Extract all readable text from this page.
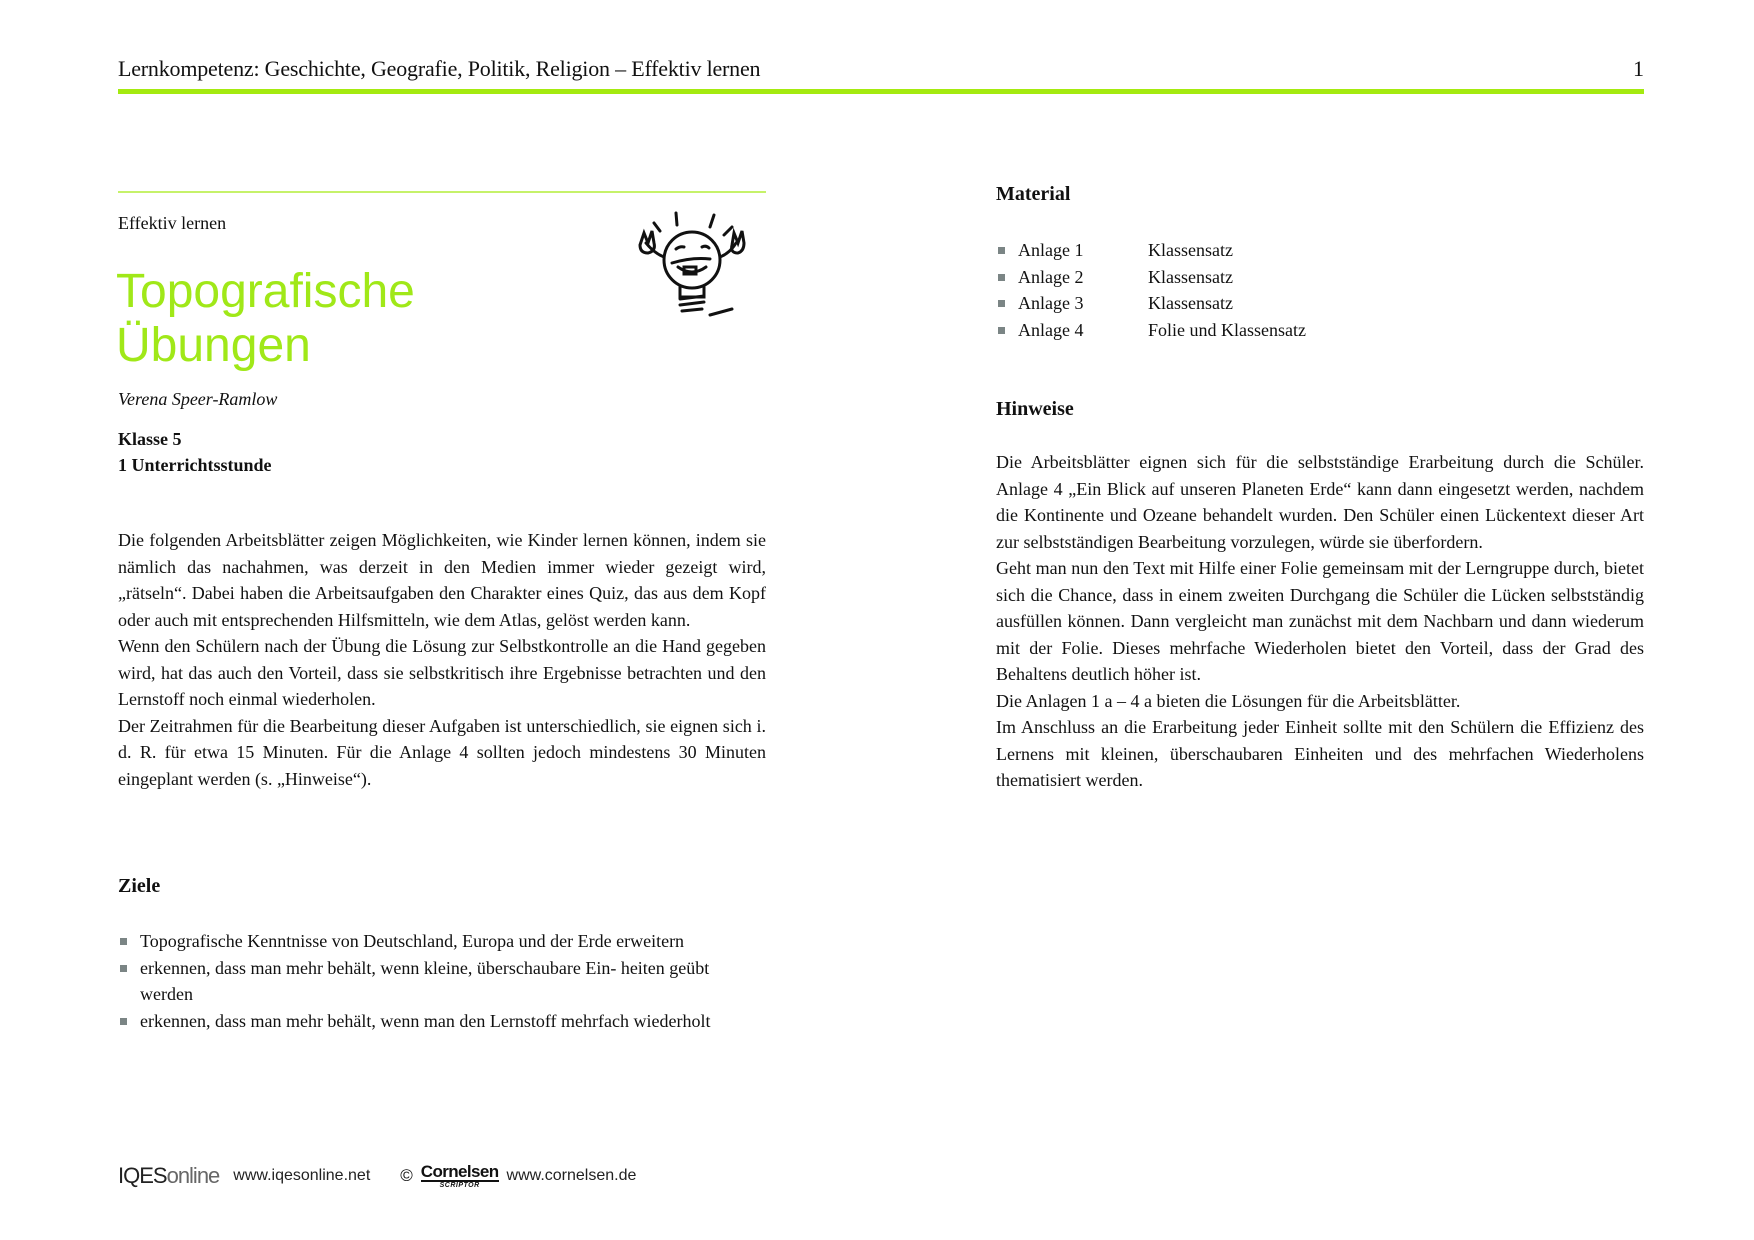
Lernkompetenz: Geschichte, Geografie, Politik, Religion – Effektiv lernen	1
Effektiv lernen
Topografische
Übungen
Verena Speer-Ramlow
Klasse 5
1 Unterrichtsstunde

Die folgenden Arbeitsblätter zeigen Möglichkeiten, wie Kinder lernen können, indem sie nämlich das nachahmen, was derzeit in den Medien immer wieder gezeigt wird, „rätseln“. Dabei haben die Arbeitsaufgaben den Charakter eines Quiz, das aus dem Kopf oder auch mit entsprechenden Hilfsmitteln, wie dem Atlas, gelöst werden kann.

Wenn den Schülern nach der Übung die Lösung zur Selbstkontrolle an die Hand gegeben wird, hat das auch den Vorteil, dass sie selbstkritisch ihre Ergebnisse betrachten und den Lernstoff noch einmal wiederholen.

Der Zeitrahmen für die Bearbeitung dieser Aufgaben ist unterschiedlich, sie eignen sich i. d. R. für etwa 15 Minuten. Für die Anlage 4 sollten jedoch mindestens 30 Minuten eingeplant werden (s. „Hinweise“).

Ziele
Topografische Kenntnisse von Deutschland, Europa und der Erde erweitern
erkennen, dass man mehr behält, wenn kleine, überschaubare Ein- heiten geübt werden
erkennen, dass man mehr behält, wenn man den Lernstoff mehrfach wiederholt
Material
Anlage 1	Klassensatz
Anlage 2	Klassensatz
Anlage 3	Klassensatz
Anlage 4	Folie und Klassensatz
Hinweise

Die Arbeitsblätter eignen sich für die selbstständige Erarbeitung durch die Schüler. Anlage 4 „Ein Blick auf unseren Planeten Erde“ kann dann eingesetzt werden, nachdem die Kontinente und Ozeane behandelt wurden. Den Schüler einen Lückentext dieser Art zur selbstständigen Bearbeitung vorzulegen, würde sie überfordern.

Geht man nun den Text mit Hilfe einer Folie gemeinsam mit der Lerngruppe durch, bietet sich die Chance, dass in einem zweiten Durchgang die Schüler die Lücken selbstständig ausfüllen können. Dann vergleicht man zunächst mit dem Nachbarn und dann wiederum mit der Folie. Dieses mehrfache Wiederholen bietet den Vorteil, dass der Grad des Behaltens deutlich höher ist.

Die Anlagen 1 a – 4 a bieten die Lösungen für die Arbeitsblätter.

Im Anschluss an die Erarbeitung jeder Einheit sollte mit den Schülern die Effizienz des Lernens mit kleinen, überschaubaren Einheiten und des mehrfachen Wiederholens thematisiert werden.

IQESonline www.iqesonline.net © Cornelsen
SCRIPTOR
www.cornelsen.de
